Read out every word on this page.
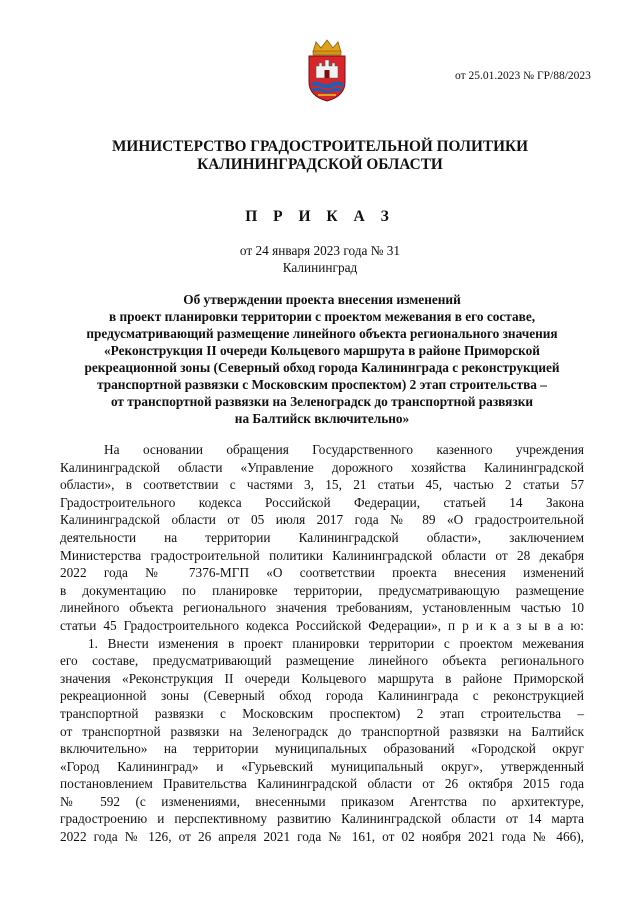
от 25.01.2023 № ГР/88/2023
МИНИСТЕРСТВО ГРАДОСТРОИТЕЛЬНОЙ ПОЛИТИКИ
КАЛИНИНГРАДСКОЙ ОБЛАСТИ
П Р И К А З
от 24 января 2023 года № 31
Калининград
Об утверждении проекта внесения изменений
в проект планировки территории с проектом межевания в его составе,
предусматривающий размещение линейного объекта регионального значения
«Реконструкция II очереди Кольцевого маршрута в районе Приморской
рекреационной зоны (Северный обход города Калининграда с реконструкцией
транспортной развязки с Московским проспектом) 2 этап строительства –
от транспортной развязки на Зеленоградск до транспортной развязки
на Балтийск включительно»
На основании обращения Государственного казенного учреждения
Калининградской области «Управление дорожного хозяйства Калининградской
области», в соответствии с частями 3, 15, 21 статьи 45, частью 2 статьи 57
Градостроительного кодекса Российской Федерации, статьей 14 Закона
Калининградской области от 05 июля 2017 года № 89 «О градостроительной
деятельности на территории Калининградской области», заключением
Министерства градостроительной политики Калининградской области от 28 декабря
2022 года № 7376-МГП «О соответствии проекта внесения изменений
в документацию по планировке территории, предусматривающую размещение
линейного объекта регионального значения требованиям, установленным частью 10
статьи 45 Градостроительного кодекса Российской Федерации», п р и к а з ы в а ю:
1. Внести изменения в проект планировки территории с проектом межевания
его составе, предусматривающий размещение линейного объекта регионального
значения «Реконструкция II очереди Кольцевого маршрута в районе Приморской
рекреационной зоны (Северный обход города Калининграда с реконструкцией
транспортной развязки с Московским проспектом) 2 этап строительства –
от транспортной развязки на Зеленоградск до транспортной развязки на Балтийск
включительно» на территории муниципальных образований «Городской округ
«Город Калининград» и «Гурьевский муниципальный округ», утвержденный
постановлением Правительства Калининградской области от 26 октября 2015 года
№ 592 (с изменениями, внесенными приказом Агентства по архитектуре,
градостроению и перспективному развитию Калининградской области от 14 марта
2022 года № 126, от 26 апреля 2021 года № 161, от 02 ноября 2021 года № 466),
